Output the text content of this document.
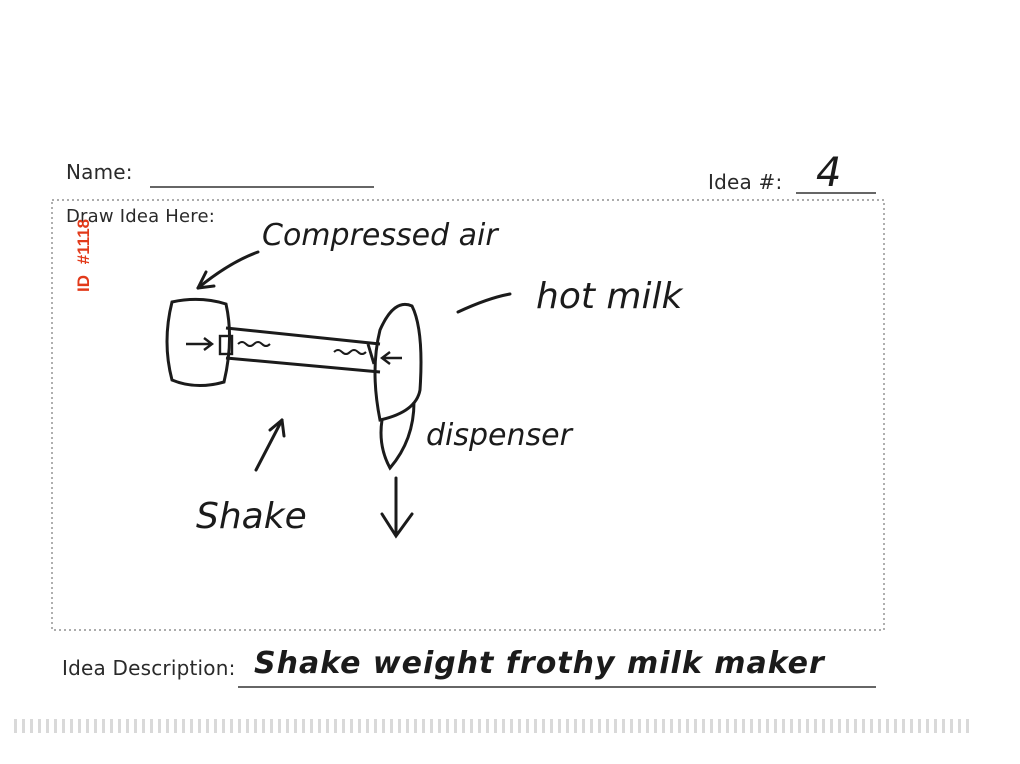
Name:	Idea #: 4
Draw Idea Here:
Idea Description: Shake weight frothy milk maker
ID #1118	Compressed air
hot milk
dispenser
Shake
